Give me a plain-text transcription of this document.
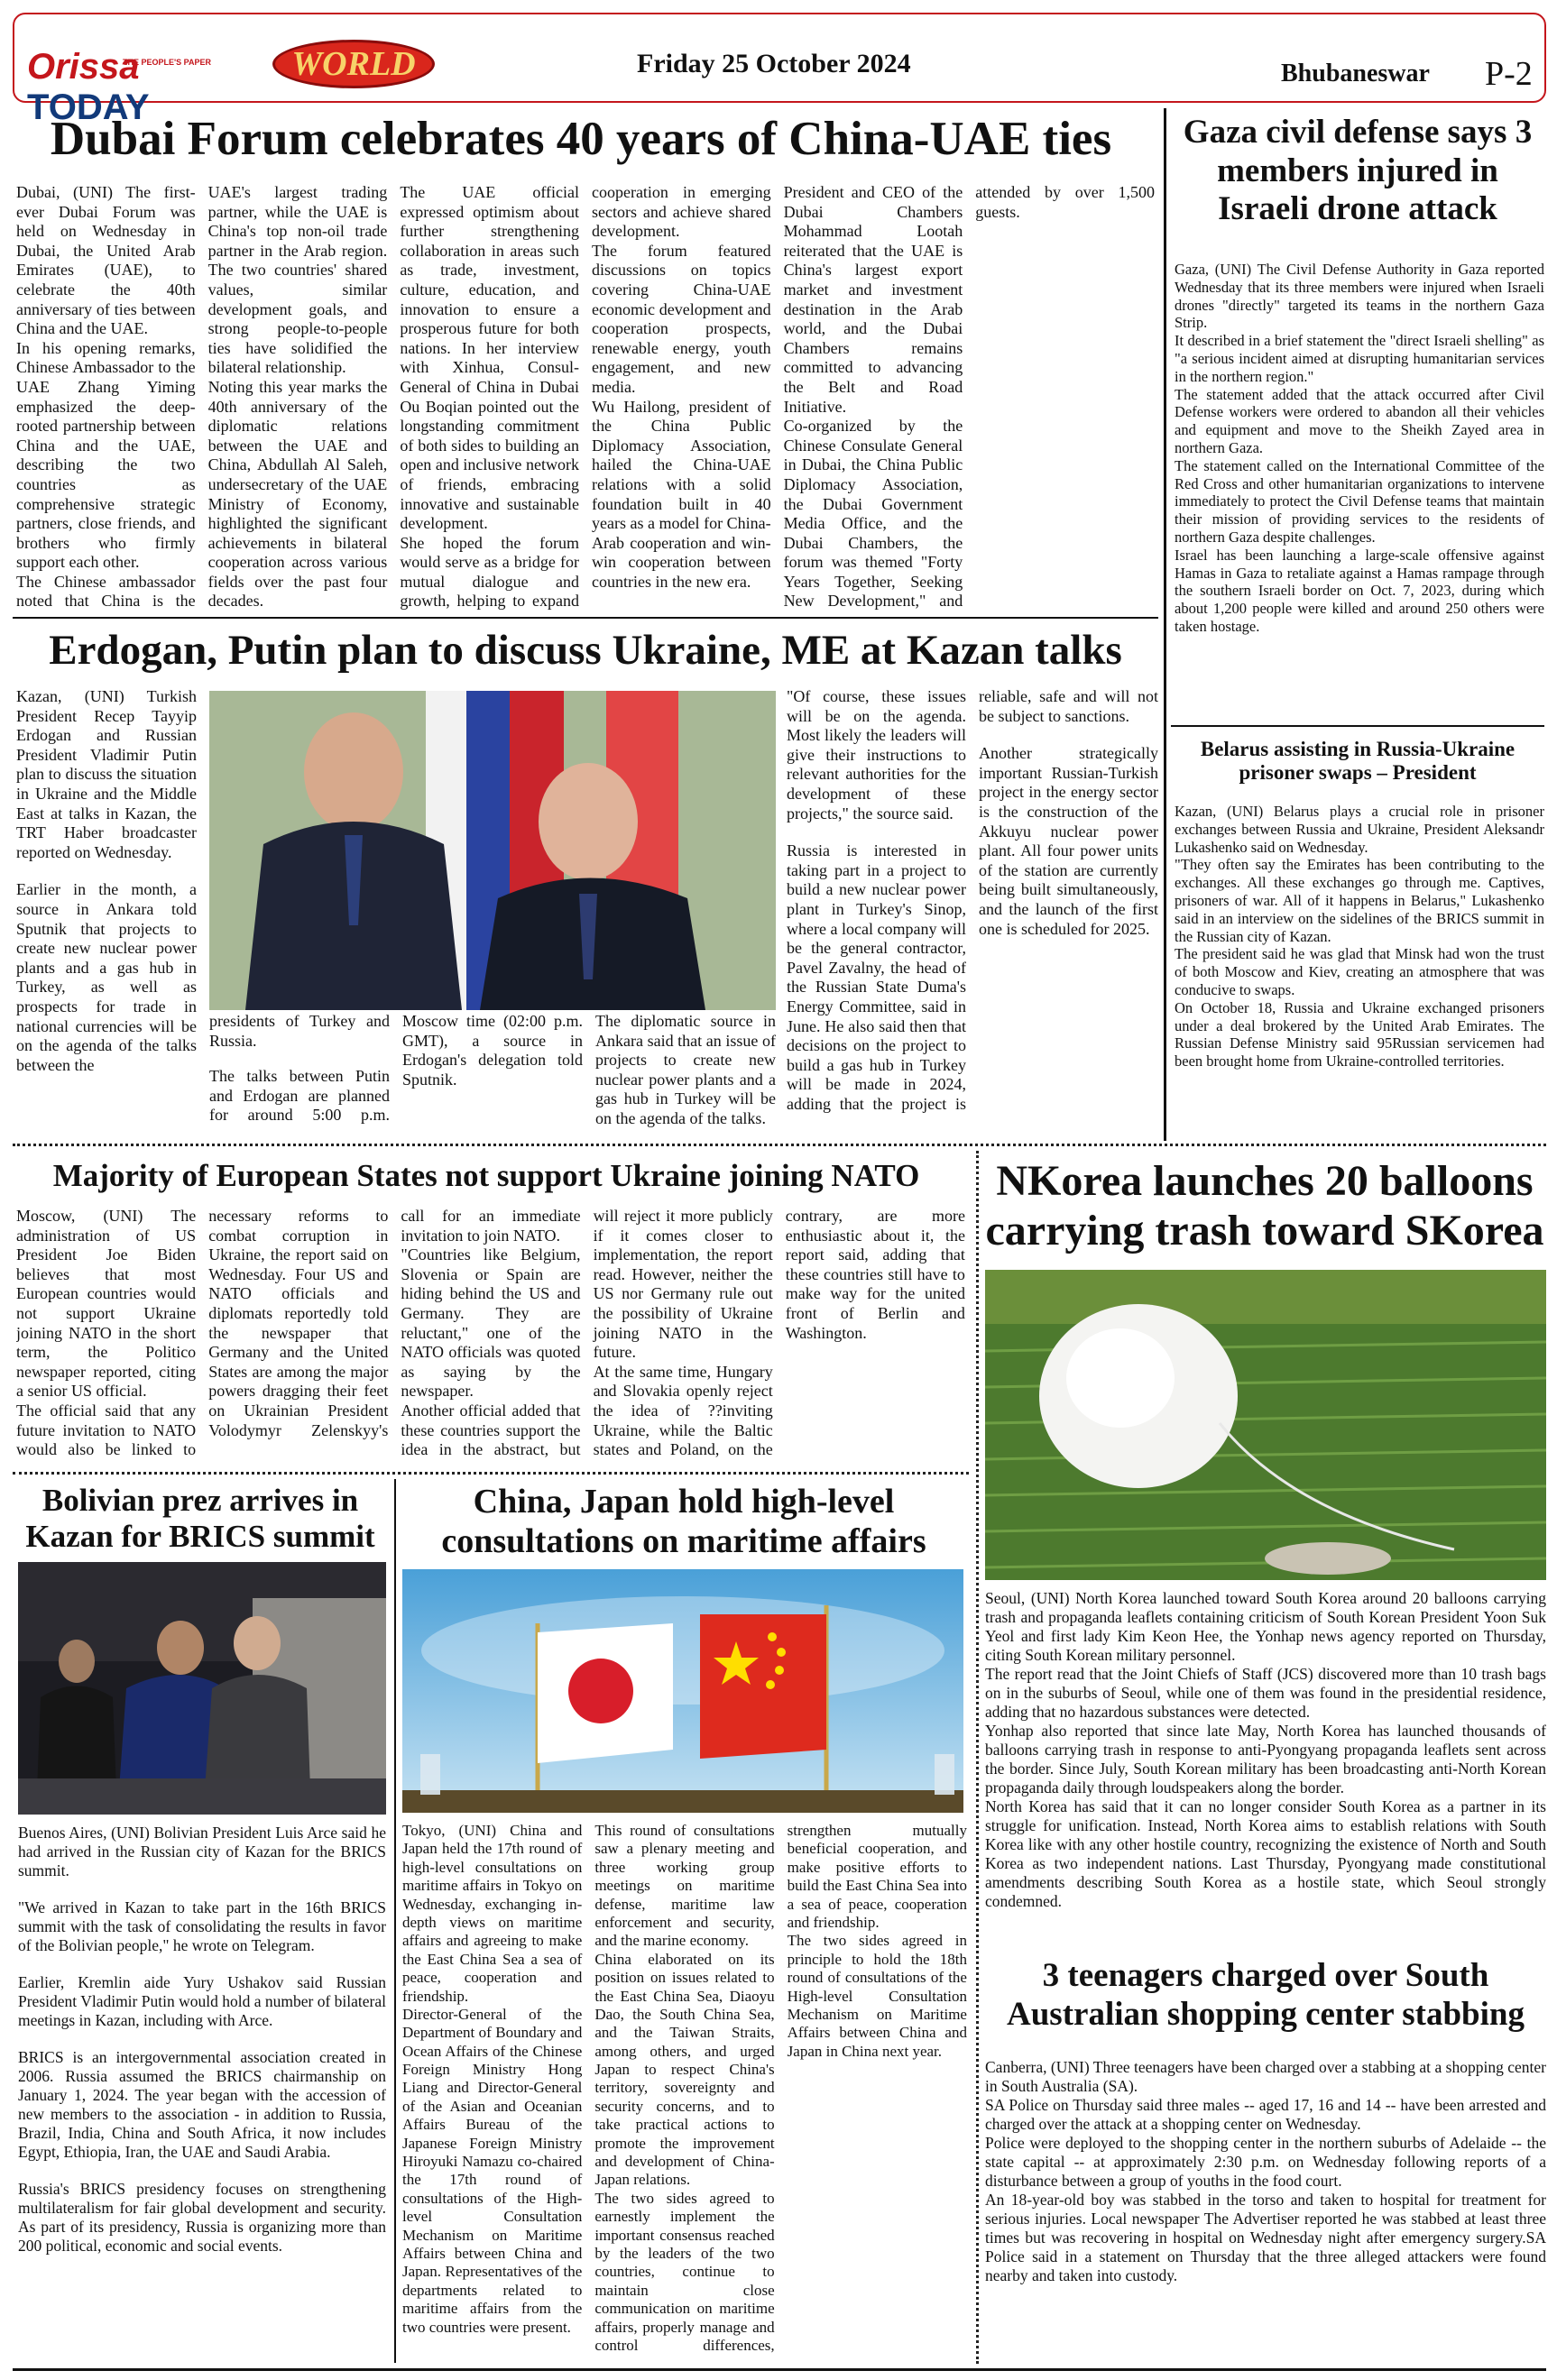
Orissa TODAY
THE PEOPLE'S PAPER	WORLD	Friday 25 October 2024	Bhubaneswar P-2
Dubai Forum celebrates 40 years of China-UAE ties

Dubai, (UNI) The first-ever Dubai Forum was held on Wednesday in Dubai, the United Arab Emirates (UAE), to celebrate the 40th anniversary of ties between China and the UAE.

In his opening remarks, Chinese Ambassador to the UAE Zhang Yiming emphasized the deep-rooted partnership between China and the UAE, describing the two countries as comprehensive strategic partners, close friends, and brothers who firmly support each other.

The Chinese ambassador noted that China is the UAE's largest trading partner, while the UAE is China's top non-oil trade partner in the Arab region. The two countries' shared values, similar development goals, and strong people-to-people ties have solidified the bilateral relationship.

Noting this year marks the 40th anniversary of the diplomatic relations between the UAE and China, Abdullah Al Saleh, undersecretary of the UAE Ministry of Economy, highlighted the significant achievements in bilateral cooperation across various fields over the past four decades.

The UAE official expressed optimism about further strengthening collaboration in areas such as trade, investment, culture, education, and innovation to ensure a prosperous future for both nations. In her interview with Xinhua, Consul-General of China in Dubai Ou Boqian pointed out the longstanding commitment of both sides to building an open and inclusive network of friends, embracing innovative and sustainable development.

She hoped the forum would serve as a bridge for mutual dialogue and growth, helping to expand cooperation in emerging sectors and achieve shared development.

The forum featured discussions on topics covering China-UAE economic development and cooperation prospects, renewable energy, youth engagement, and new media.

Wu Hailong, president of the China Public Diplomacy Association, hailed the China-UAE relations with a solid foundation built in 40 years as a model for China-Arab cooperation and win-win cooperation between countries in the new era.

President and CEO of the Dubai Chambers Mohammad Lootah reiterated that the UAE is China's largest export market and investment destination in the Arab world, and the Dubai Chambers remains committed to advancing the Belt and Road Initiative.

Co-organized by the Chinese Consulate General in Dubai, the China Public Diplomacy Association, the Dubai Government Media Office, and the Dubai Chambers, the forum was themed "Forty Years Together, Seeking New Development," and attended by over 1,500 guests.

Gaza civil defense says 3 members injured in Israeli drone attack

Gaza, (UNI) The Civil Defense Authority in Gaza reported Wednesday that its three members were injured when Israeli drones "directly" targeted its teams in the northern Gaza Strip.

It described in a brief statement the "direct Israeli shelling" as "a serious incident aimed at disrupting humanitarian services in the northern region."

The statement added that the attack occurred after Civil Defense workers were ordered to abandon all their vehicles and equipment and move to the Sheikh Zayed area in northern Gaza.

The statement called on the International Committee of the Red Cross and other humanitarian organizations to intervene immediately to protect the Civil Defense teams that maintain their mission of providing services to the residents of northern Gaza despite challenges.

Israel has been launching a large-scale offensive against Hamas in Gaza to retaliate against a Hamas rampage through the southern Israeli border on Oct. 7, 2023, during which about 1,200 people were killed and around 250 others were taken hostage.

Belarus assisting in Russia-Ukraine prisoner swaps – President

Kazan, (UNI) Belarus plays a crucial role in prisoner exchanges between Russia and Ukraine, President Aleksandr Lukashenko said on Wednesday.

"They often say the Emirates has been contributing to the exchanges. All these exchanges go through me. Captives, prisoners of war. All of it happens in Belarus," Lukashenko said in an interview on the sidelines of the BRICS summit in the Russian city of Kazan.

The president said he was glad that Minsk had won the trust of both Moscow and Kiev, creating an atmosphere that was conducive to swaps.

On October 18, Russia and Ukraine exchanged prisoners under a deal brokered by the United Arab Emirates. The Russian Defense Ministry said 95Russian servicemen had been brought home from Ukraine-controlled territories.

Erdogan, Putin plan to discuss Ukraine, ME at Kazan talks

Kazan, (UNI) Turkish President Recep Tayyip Erdogan and Russian President Vladimir Putin plan to discuss the situation in Ukraine and the Middle East at talks in Kazan, the TRT Haber broadcaster reported on Wednesday.

Earlier in the month, a source in Ankara told Sputnik that projects to create new nuclear power plants and a gas hub in Turkey, as well as prospects for trade in national currencies will be on the agenda of the talks between the

presidents of Turkey and Russia.

The talks between Putin and Erdogan are planned for around 5:00 p.m. Moscow time (02:00 p.m. GMT), a source in Erdogan's delegation told Sputnik.

The diplomatic source in Ankara said that an issue of projects to create new nuclear power plants and a gas hub in Turkey will be on the agenda of the talks.

"Of course, these issues will be on the agenda. Most likely the leaders will give their instructions to relevant authorities for the development of these projects," the source said.

Russia is interested in taking part in a project to build a new nuclear power plant in Turkey's Sinop, where a local company will be the general contractor, Pavel Zavalny, the head of the Russian State Duma's Energy Committee, said in June. He also said then that decisions on the project to build a gas hub in Turkey will be made in 2024, adding that the project is reliable, safe and will not be subject to sanctions.

Another strategically important Russian-Turkish project in the energy sector is the construction of the Akkuyu nuclear power plant. All four power units of the station are currently being built simultaneously, and the launch of the first one is scheduled for 2025.

Majority of European States not support Ukraine joining NATO

Moscow, (UNI) The administration of US President Joe Biden believes that most European countries would not support Ukraine joining NATO in the short term, the Politico newspaper reported, citing a senior US official.

The official said that any future invitation to NATO would also be linked to necessary reforms to combat corruption in Ukraine, the report said on Wednesday. Four US and NATO officials and diplomats reportedly told the newspaper that Germany and the United States are among the major powers dragging their feet on Ukrainian President Volodymyr Zelenskyy's call for an immediate invitation to join NATO.

"Countries like Belgium, Slovenia or Spain are hiding behind the US and Germany. They are reluctant," one of the NATO officials was quoted as saying by the newspaper.

Another official added that these countries support the idea in the abstract, but will reject it more publicly if it comes closer to implementation, the report read. However, neither the US nor Germany rule out the possibility of Ukraine joining NATO in the future.

At the same time, Hungary and Slovakia openly reject the idea of ??inviting Ukraine, while the Baltic states and Poland, on the contrary, are more enthusiastic about it, the report said, adding that these countries still have to make way for the united front of Berlin and Washington.

NKorea launches 20 balloons carrying trash toward SKorea

Seoul, (UNI) North Korea launched toward South Korea around 20 balloons carrying trash and propaganda leaflets containing criticism of South Korean President Yoon Suk Yeol and first lady Kim Keon Hee, the Yonhap news agency reported on Thursday, citing South Korean military personnel.

The report read that the Joint Chiefs of Staff (JCS) discovered more than 10 trash bags on in the suburbs of Seoul, while one of them was found in the presidential residence, adding that no hazardous substances were detected.

Yonhap also reported that since late May, North Korea has launched thousands of balloons carrying trash in response to anti-Pyongyang propaganda leaflets sent across the border. Since July, South Korean military has been broadcasting anti-North Korean propaganda daily through loudspeakers along the border.

North Korea has said that it can no longer consider South Korea as a partner in its struggle for unification. Instead, North Korea aims to establish relations with South Korea like with any other hostile country, recognizing the existence of North and South Korea as two independent nations. Last Thursday, Pyongyang made constitutional amendments describing South Korea as a hostile state, which Seoul strongly condemned.

3 teenagers charged over South Australian shopping center stabbing

Canberra, (UNI) Three teenagers have been charged over a stabbing at a shopping center in South Australia (SA).

SA Police on Thursday said three males -- aged 17, 16 and 14 -- have been arrested and charged over the attack at a shopping center on Wednesday.

Police were deployed to the shopping center in the northern suburbs of Adelaide -- the state capital -- at approximately 2:30 p.m. on Wednesday following reports of a disturbance between a group of youths in the food court.

An 18-year-old boy was stabbed in the torso and taken to hospital for treatment for serious injuries. Local newspaper The Advertiser reported he was stabbed at least three times but was recovering in hospital on Wednesday night after emergency surgery.SA Police said in a statement on Thursday that the three alleged attackers were found nearby and taken into custody.

Bolivian prez arrives in Kazan for BRICS summit

Buenos Aires, (UNI) Bolivian President Luis Arce said he had arrived in the Russian city of Kazan for the BRICS summit.

"We arrived in Kazan to take part in the 16th BRICS summit with the task of consolidating the results in favor of the Bolivian people," he wrote on Telegram.

Earlier, Kremlin aide Yury Ushakov said Russian President Vladimir Putin would hold a number of bilateral meetings in Kazan, including with Arce.

BRICS is an intergovernmental association created in 2006. Russia assumed the BRICS chairmanship on January 1, 2024. The year began with the accession of new members to the association - in addition to Russia, Brazil, India, China and South Africa, it now includes Egypt, Ethiopia, Iran, the UAE and Saudi Arabia.

Russia's BRICS presidency focuses on strengthening multilateralism for fair global development and security. As part of its presidency, Russia is organizing more than 200 political, economic and social events.

China, Japan hold high-level consultations on maritime affairs

Tokyo, (UNI) China and Japan held the 17th round of high-level consultations on maritime affairs in Tokyo on Wednesday, exchanging in-depth views on maritime affairs and agreeing to make the East China Sea a sea of peace, cooperation and friendship.

Director-General of the Department of Boundary and Ocean Affairs of the Chinese Foreign Ministry Hong Liang and Director-General of the Asian and Oceanian Affairs Bureau of the Japanese Foreign Ministry Hiroyuki Namazu co-chaired the 17th round of consultations of the High-level Consultation Mechanism on Maritime Affairs between China and Japan. Representatives of the departments related to maritime affairs from the two countries were present.

This round of consultations saw a plenary meeting and three working group meetings on maritime defense, maritime law enforcement and security, and the marine economy.

China elaborated on its position on issues related to the East China Sea, Diaoyu Dao, the South China Sea, and the Taiwan Straits, among others, and urged Japan to respect China's territory, sovereignty and security concerns, and to take practical actions to promote the improvement and development of China-Japan relations.

The two sides agreed to earnestly implement the important consensus reached by the leaders of the two countries, continue to maintain close communication on maritime affairs, properly manage and control differences, strengthen mutually beneficial cooperation, and make positive efforts to build the East China Sea into a sea of peace, cooperation and friendship.

The two sides agreed in principle to hold the 18th round of consultations of the High-level Consultation Mechanism on Maritime Affairs between China and Japan in China next year.
